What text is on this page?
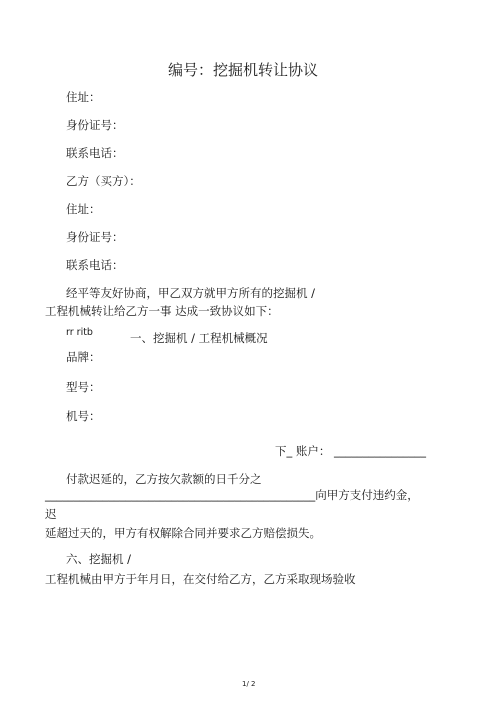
编号：挖掘机转让协议
住址：
身份证号：
联系电话：
乙方（买方）：
住址：
身份证号：
联系电话：
经平等友好协商，甲乙双方就甲方所有的挖掘机 /
工程机械转让给乙方一事 达成一致协议如下：
rr ritb	一、挖掘机 / 工程机械概况
品牌：
型号：
机号：
下_ 账户： ________________
付款迟延的，乙方按欠款额的日千分之
_______________________________________________向甲方支付违约金，
迟
延超过天的，甲方有权解除合同并要求乙方赔偿损失。
六、挖掘机 /
工程机械由甲方于年月日，在交付给乙方，乙方采取现场验收
1/ 2
